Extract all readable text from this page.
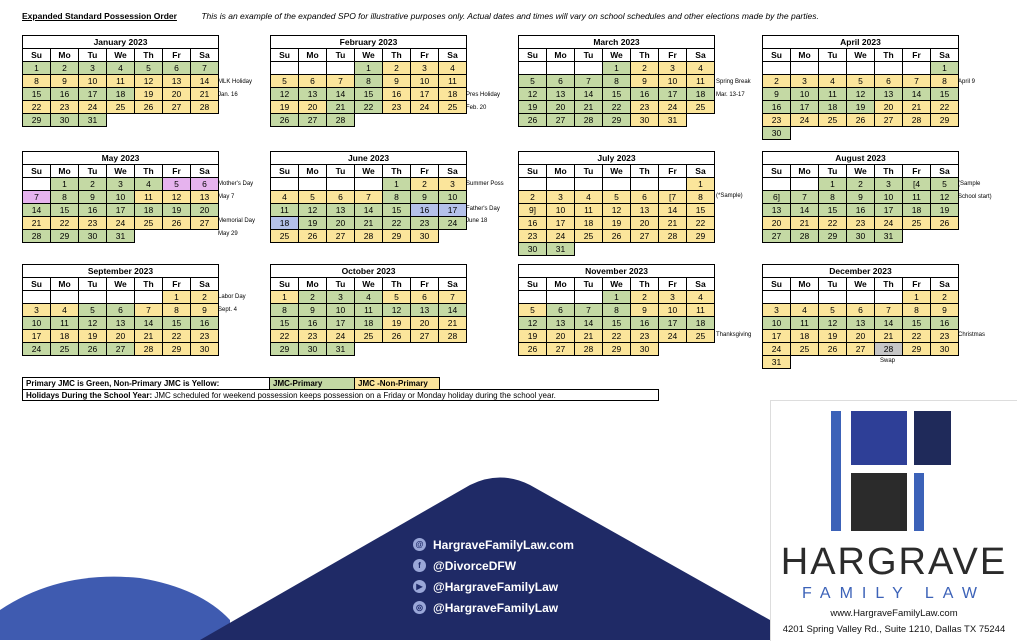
Expanded Standard Possession Order	This is an example of the expanded SPO for illustrative purposes only. Actual dates and times will vary on school schedules and other elections made by the parties.
January 2023						
Su	Mo	Tu	We	Th	Fr	Sa
1	2	3	4	5	6	7
8	9	10	11	12	13	14
15	16	17	18	19	20	21
22	23	24	25	26	27	28
29	30	31				
February 2023						
Su	Mo	Tu	We	Th	Fr	Sa
			1	2	3	4
5	6	7	8	9	10	11
12	13	14	15	16	17	18
19	20	21	22	23	24	25
26	27	28				
March 2023						
Su	Mo	Tu	We	Th	Fr	Sa
			1	2	3	4
5	6	7	8	9	10	11
12	13	14	15	16	17	18
19	20	21	22	23	24	25
26	27	28	29	30	31	
April 2023						
Su	Mo	Tu	We	Th	Fr	Sa
						1
2	3	4	5	6	7	8
9	10	11	12	13	14	15
16	17	18	19	20	21	22
23	24	25	26	27	28	29
30						
May 2023						
Su	Mo	Tu	We	Th	Fr	Sa
	1	2	3	4	5	6
7	8	9	10	11	12	13
14	15	16	17	18	19	20
21	22	23	24	25	26	27
28	29	30	31			
June 2023						
Su	Mo	Tu	We	Th	Fr	Sa
				1	2	3
4	5	6	7	8	9	10
11	12	13	14	15	16	17
18	19	20	21	22	23	24
25	26	27	28	29	30	
July 2023						
Su	Mo	Tu	We	Th	Fr	Sa
						1
2	3	4	5	6	[7	8
9]	10	11	12	13	14	15
16	17	18	19	20	21	22
23	24	25	26	27	28	29
30	31					
August 2023						
Su	Mo	Tu	We	Th	Fr	Sa
		1	2	3	[4	5
6]	7	8	9	10	11	12
13	14	15	16	17	18	19
20	21	22	23	24	25	26
27	28	29	30	31		
September 2023						
Su	Mo	Tu	We	Th	Fr	Sa
					1	2
3	4	5	6	7	8	9
10	11	12	13	14	15	16
17	18	19	20	21	22	23
24	25	26	27	28	29	30
October 2023						
Su	Mo	Tu	We	Th	Fr	Sa
1	2	3	4	5	6	7
8	9	10	11	12	13	14
15	16	17	18	19	20	21
22	23	24	25	26	27	28
29	30	31				
November 2023						
Su	Mo	Tu	We	Th	Fr	Sa
			1	2	3	4
5	6	7	8	9	10	11
12	13	14	15	16	17	18
19	20	21	22	23	24	25
26	27	28	29	30		
December 2023						
Su	Mo	Tu	We	Th	Fr	Sa
					1	2
3	4	5	6	7	8	9
10	11	12	13	14	15	16
17	18	19	20	21	22	23
24	25	26	27	28	29	30
31						
MLK Holiday
Jan. 16	Pres Holiday
Feb. 20
Spring Break
Mar. 13-17
April 9
Mother's Day
May 7
Memorial Day
May 29
Summer Poss
Father's Day
June 18
(*Sample)
(Sample
School start)
Labor Day
Sept. 4
Thanksgiving	Christmas
Swap
Primary JMC is Green, Non-Primary JMC is Yellow:	JMC-Primary	JMC -Non-Primary
Holidays During the School Year: JMC scheduled for weekend possession keeps possession on a Friday or Monday holiday during the school year.
@ HargraveFamilyLaw.com
f	@DivorceDFW
▶ @HargraveFamilyLaw
◎ @HargraveFamilyLaw
HARGRAVE
FAMILY LAW
www.HargraveFamilyLaw.com
4201 Spring Valley Rd., Suite 1210, Dallas TX 75244
